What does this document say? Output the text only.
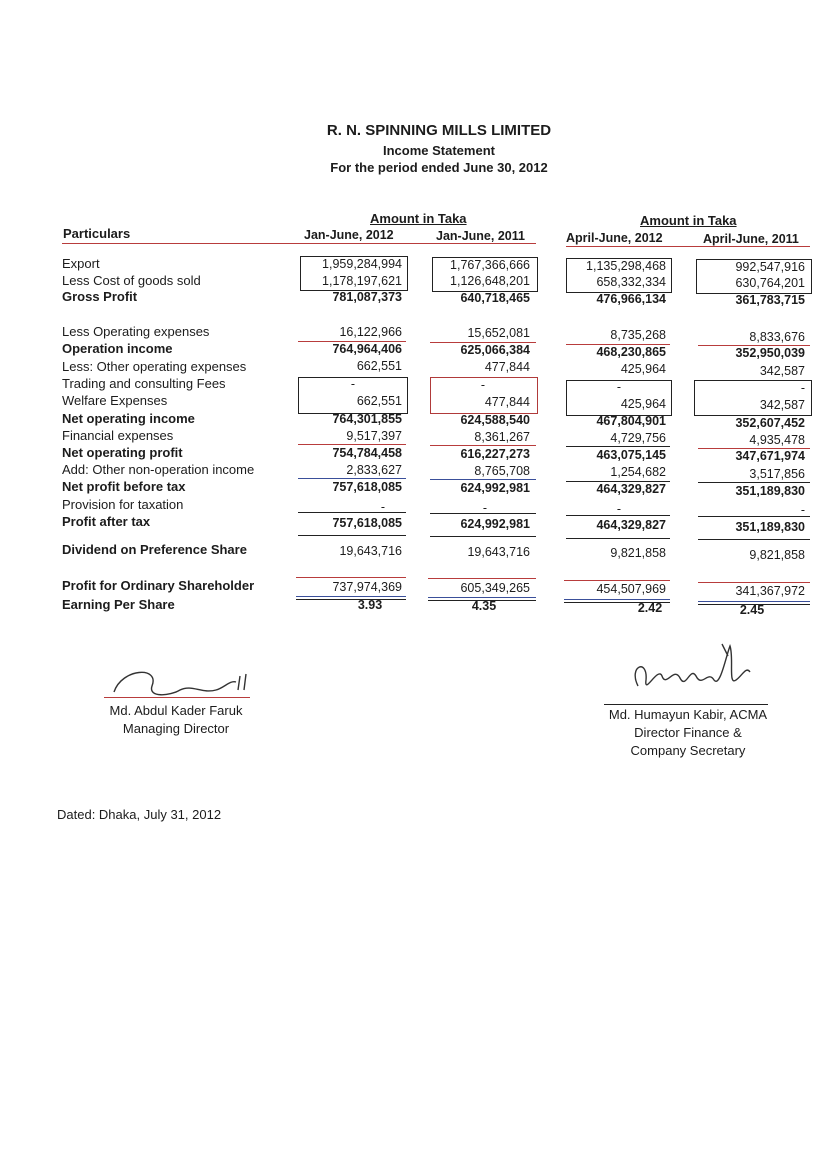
R. N. SPINNING MILLS LIMITED
Income Statement
For the period ended June 30, 2012
Amount in Taka	Amount in Taka
Particulars	Jan-June, 2012	Jan-June, 2011	April-June, 2012	April-June, 2011
Export	1,959,284,994	1,767,366,666	1,135,298,468	992,547,916
Less Cost of goods sold	1,178,197,621	1,126,648,201	658,332,334	630,764,201
Gross Profit	781,087,373	640,718,465	476,966,134	361,783,715
Less Operating expenses	16,122,966	15,652,081	8,735,268	8,833,676
Operation income	764,964,406	625,066,384	468,230,865	352,950,039
Less: Other operating expenses	662,551	477,844	425,964	342,587
Trading and consulting Fees	-	-	-	-
Welfare Expenses	662,551	477,844	425,964	342,587
Net operating income	764,301,855	624,588,540	467,804,901	352,607,452
Financial expenses	9,517,397	8,361,267	4,729,756	4,935,478
Net operating profit	754,784,458	616,227,273	463,075,145	347,671,974
Add: Other non-operation income	2,833,627	8,765,708	1,254,682	3,517,856
Net profit before tax	757,618,085	624,992,981	464,329,827	351,189,830
Provision for taxation	-	-	-	-
Profit after tax	757,618,085	624,992,981	464,329,827	351,189,830
Dividend on Preference Share	19,643,716	19,643,716	9,821,858	9,821,858
Profit for Ordinary Shareholder	737,974,369	605,349,265	454,507,969	341,367,972
Earning Per Share	3.93	4.35	2.42	2.45
Md. Abdul Kader Faruk
Managing Director
Md. Humayun Kabir, ACMA
Director Finance &
Company Secretary
Dated: Dhaka, July 31, 2012
